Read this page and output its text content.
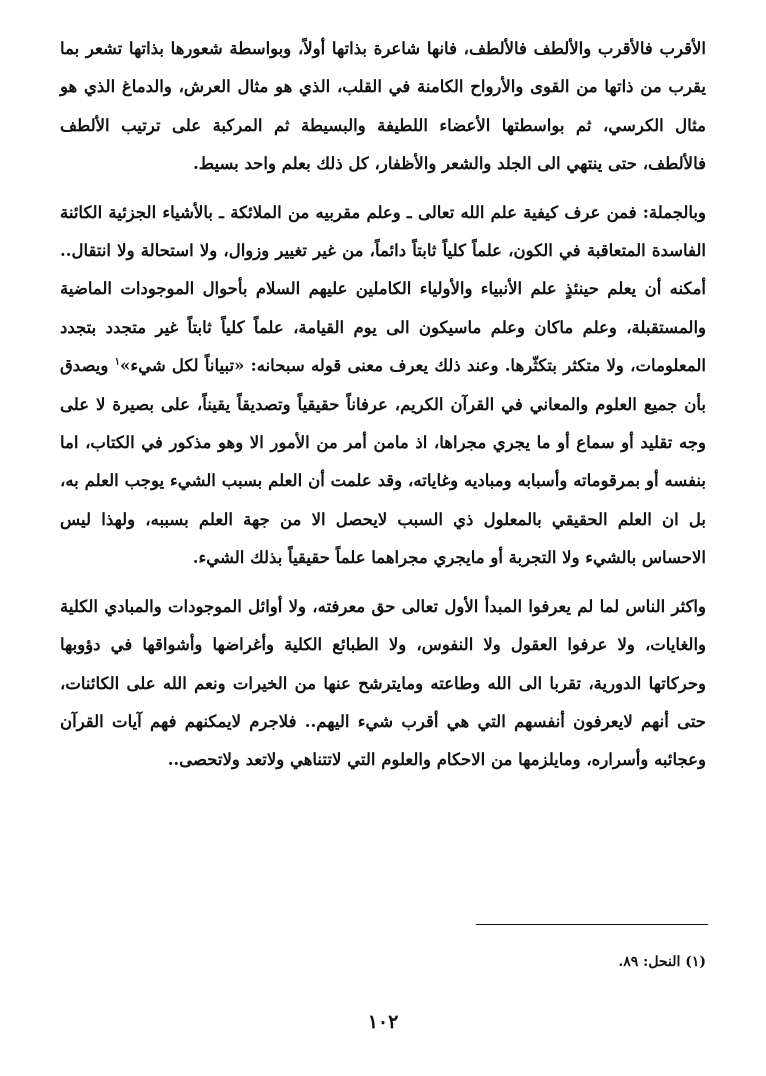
الأقرب فالأقرب والألطف فالألطف، فانها شاعرة بذاتها أولاً، وبواسطة شعورها بذاتها تشعر بما يقرب من ذاتها من القوى والأرواح الكامنة في القلب، الذي هو مثال العرش، والدماغ الذي هو مثال الكرسي، ثم بواسطتها الأعضاء اللطيفة والبسيطة ثم المركبة على ترتيب الألطف فالألطف، حتى ينتهي الى الجلد والشعر والأظفار، كل ذلك بعلم واحد بسيط.

وبالجملة: فمن عرف كيفية علم الله تعالى ـ وعلم مقربيه من الملائكة ـ بالأشياء الجزئية الكائنة الفاسدة المتعاقبة في الكون، علماً كلياً ثابتاً دائماً، من غير تغيير وزوال، ولا استحالة ولا انتقال.. أمكنه أن يعلم حينئذٍ علم الأنبياء والأولياء الكاملين عليهم السلام بأحوال الموجودات الماضية والمستقبلة، وعلم ماكان وعلم ماسيكون الى يوم القيامة، علماً كلياً ثابتاً غير متجدد بتجدد المعلومات، ولا متكثر بتكثّرها. وعند ذلك يعرف معنى قوله سبحانه: «تبياناً لكل شيء»$^١$ ويصدق بأن جميع العلوم والمعاني في القرآن الكريم، عرفاناً حقيقياً وتصديقاً يقيناً، على بصيرة لا على وجه تقليد أو سماع أو ما يجري مجراها، اذ مامن أمر من الأمور الا وهو مذكور في الكتاب، اما بنفسه أو بمرقوماته وأسبابه ومباديه وغاياته، وقد علمت أن العلم بسبب الشيء يوجب العلم به، بل ان العلم الحقيقي بالمعلول ذي السبب لايحصل الا من جهة العلم بسببه، ولهذا ليس الاحساس بالشيء ولا التجربة أو مايجري مجراهما علماً حقيقياً بذلك الشيء.

واكثر الناس لما لم يعرفوا المبدأ الأول تعالى حق معرفته، ولا أوائل الموجودات والمبادي الكلية والغايات، ولا عرفوا العقول ولا النفوس، ولا الطبائع الكلية وأغراضها وأشواقها في دؤوبها وحركاتها الدورية، تقربا الى الله وطاعته ومايترشح عنها من الخيرات ونعم الله على الكائنات، حتى أنهم لايعرفون أنفسهم التي هي أقرب شيء اليهم.. فلاجرم لايمكنهم فهم آيات القرآن وعجائبه وأسراره، ومايلزمها من الاحكام والعلوم التي لاتتناهي ولاتعد ولاتحصى..

(١) النحل: ٨٩.
١٠٢
